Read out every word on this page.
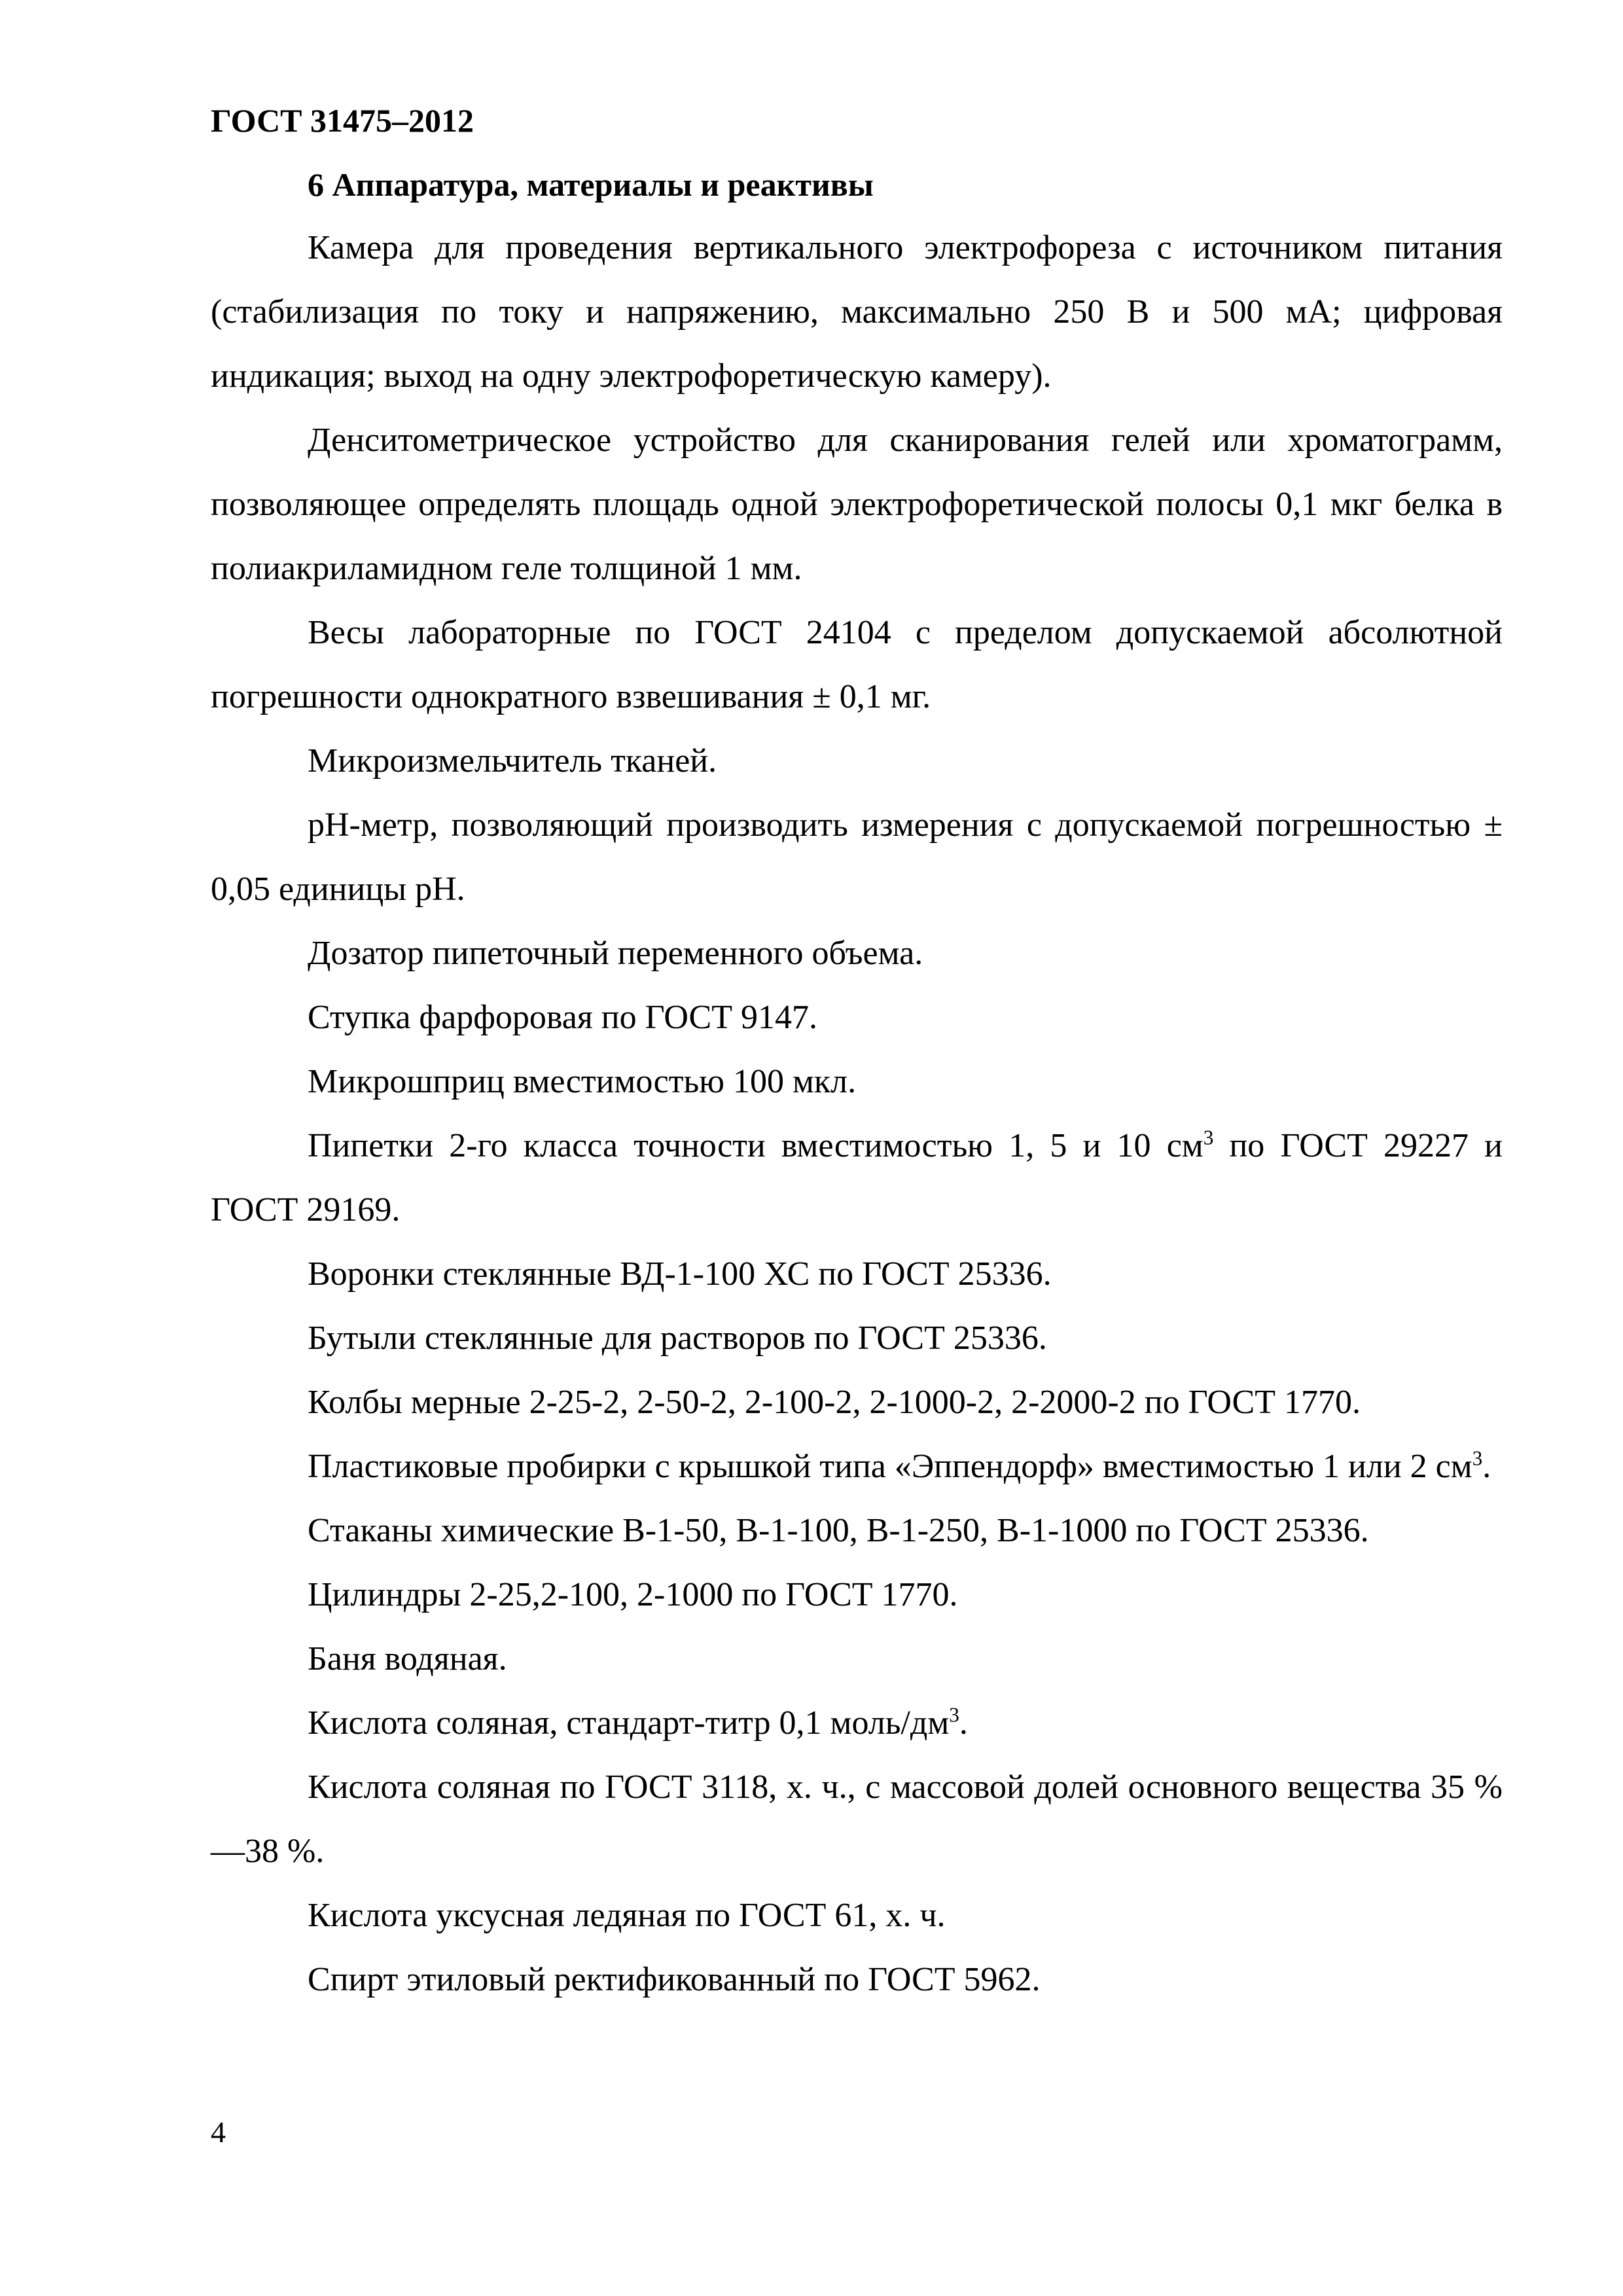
ГОСТ 31475–2012
6 Аппаратура, материалы и реактивы

Камера для проведения вертикального электрофореза с источником питания (стабилизация по току и напряжению, максимально 250 В и 500 мА; цифровая индикация; выход на одну электрофоретическую камеру).

Денситометрическое устройство для сканирования гелей или хроматограмм, позволяющее определять площадь одной электрофоретической полосы 0,1 мкг белка в полиакриламидном геле толщиной 1 мм.

Весы лабораторные по ГОСТ 24104 с пределом допускаемой абсолютной погрешности однократного взвешивания ± 0,1 мг.

Микроизмельчитель тканей.

рН-метр, позволяющий производить измерения с допускаемой погрешностью ± 0,05 единицы рН.

Дозатор пипеточный переменного объема.

Ступка фарфоровая по ГОСТ 9147.

Микрошприц вместимостью 100 мкл.

Пипетки 2-го класса точности вместимостью 1, 5 и 10 $см^3$ по ГОСТ 29227 и ГОСТ 29169.

Воронки стеклянные ВД-1-100 ХС по ГОСТ 25336.

Бутыли стеклянные для растворов по ГОСТ 25336.

Колбы мерные 2-25-2, 2-50-2, 2-100-2, 2-1000-2, 2-2000-2 по ГОСТ 1770.

Пластиковые пробирки с крышкой типа «Эппендорф» вместимостью 1 или 2 $см^3$.

Стаканы химические В-1-50, В-1-100, В-1-250, В-1-1000 по ГОСТ 25336.

Цилиндры 2-25,2-100, 2-1000 по ГОСТ 1770.

Баня водяная.

Кислота соляная, стандарт-титр 0,1 моль/$дм^3$.

Кислота соляная по ГОСТ 3118, х. ч., с массовой долей основного вещества 35 %—38 %.

Кислота уксусная ледяная по ГОСТ 61, х. ч.

Спирт этиловый ректификованный по ГОСТ 5962.

4
